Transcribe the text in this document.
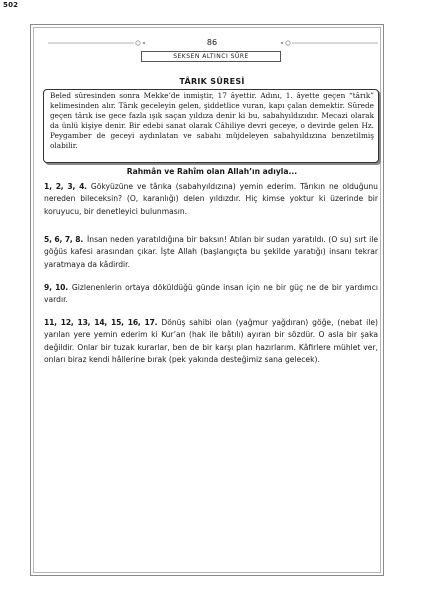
502
86
SEKSEN ALTINCI SÛRE
TÂRIK SÛRESİ
Beled sûresinden sonra Mekke’de inmiştir, 17 âyettir. Adını, 1. âyette geçen “târık” kelimesinden alır. Târık geceleyin gelen, şiddetlice vuran, kapı çalan demektir. Sûrede geçen târık ise gece fazla ışık saçan yıldıza denir ki bu, sabahyıldızıdır. Mecazi olarak da ünlü kişiye denir. Bir edebi sanat olarak Câhiliye devri geceye, o devirde gelen Hz. Peygamber de geceyi aydınlatan ve sabahı müjdeleyen sabahyıldızına benzetilmiş olabilir.
Rahmân ve Rahîm olan Allah’ın adıyla...
1, 2, 3, 4. Gökyüzüne ve târıka (sabahyıldızına) yemin ederim. Târıkın ne olduğunu nereden bileceksin? (O, karanlığı) delen yıldızdır. Hiç kimse yoktur ki üzerinde bir koruyucu, bir denetleyici bulunmasın.
5, 6, 7, 8. İnsan neden yaratıldığına bir baksın! Atılan bir sudan yaratıldı. (O su) sırt ile göğüs kafesi arasından çıkar. İşte Allah (başlangıçta bu şekilde yaratığı) insanı tekrar yaratmaya da kâdirdir.
9, 10. Gizlenenlerin ortaya döküldüğü günde insan için ne bir güç ne de bir yardımcı vardır.
11, 12, 13, 14, 15, 16, 17. Dönüş sahibi olan (yağmur yağdıran) göğe, (nebat ile) yarılan yere yemin ederim ki Kur’an (hak ile bâtılı) ayıran bir sözdür. O asla bir şaka değildir. Onlar bir tuzak kurarlar, ben de bir karşı plan hazırlarım. Kâfirlere mühlet ver, onları biraz kendi hâllerine bırak (pek yakında desteğimiz sana gelecek).
